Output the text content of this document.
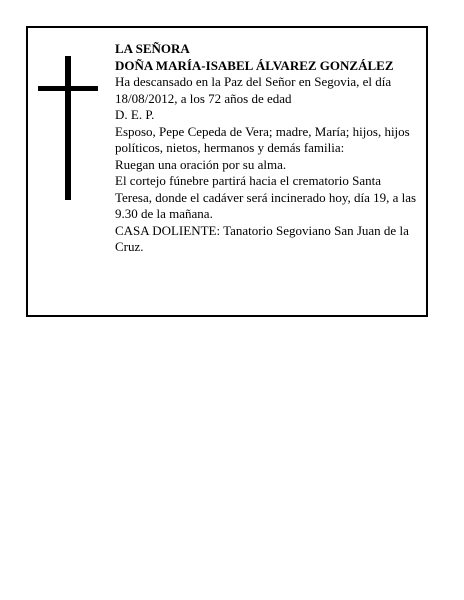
LA SEÑORA

DOÑA MARÍA-ISABEL ÁLVAREZ GONZÁLEZ

Ha descansado en la Paz del Señor en Segovia, el día 18/08/2012, a los 72 años de edad

D. E. P.

Esposo, Pepe Cepeda de Vera; madre, María; hijos, hijos políticos, nietos, hermanos y demás familia:

Ruegan una oración por su alma.

El cortejo fúnebre partirá hacia el crematorio Santa Teresa, donde el cadáver será incinerado hoy, día 19, a las 9.30 de la mañana.

CASA DOLIENTE: Tanatorio Segoviano San Juan de la Cruz.
